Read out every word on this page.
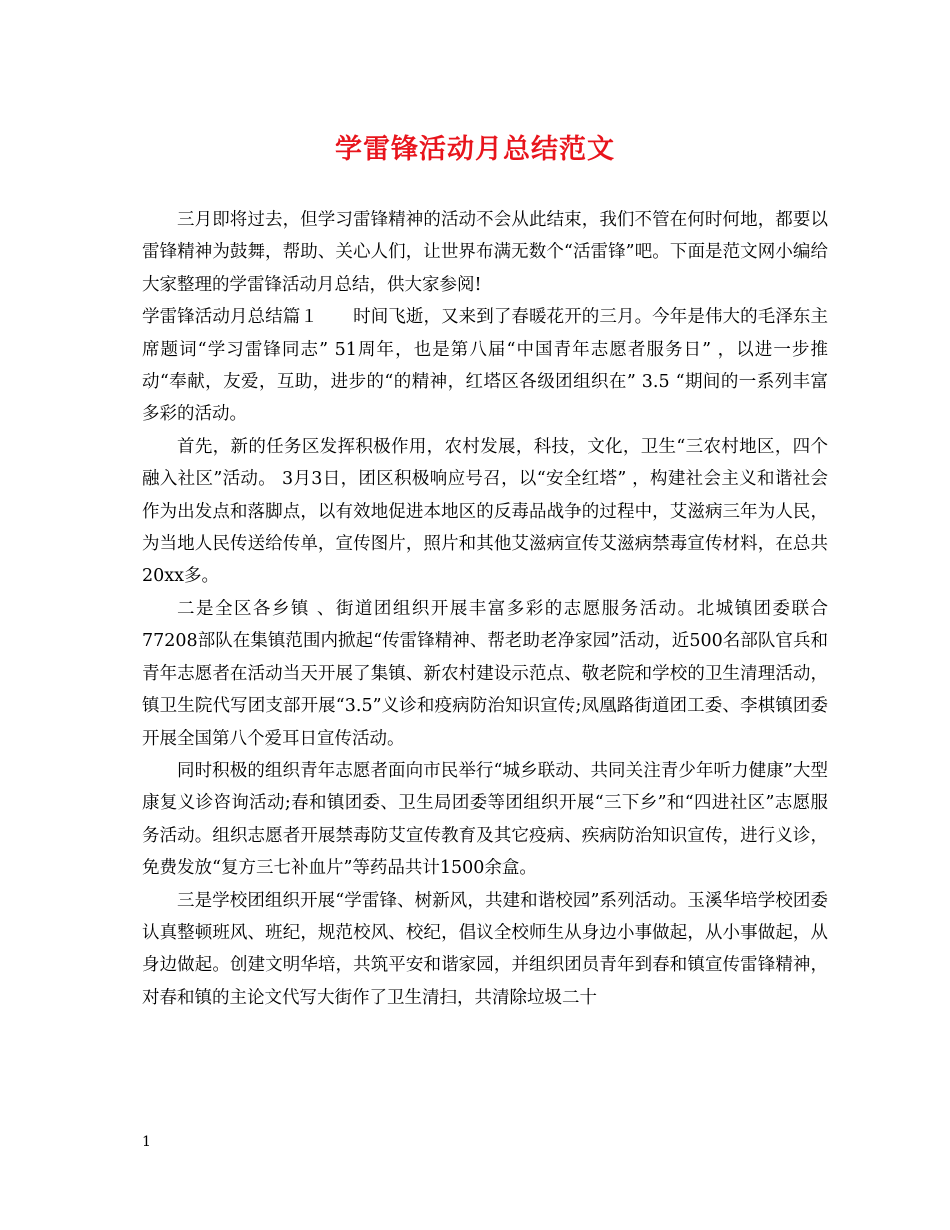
学雷锋活动月总结范文

三月即将过去，但学习雷锋精神的活动不会从此结束，我们不管在何时何地，都要以雷锋精神为鼓舞，帮助、关心人们，让世界布满无数个“活雷锋”吧。下面是范文网小编给大家整理的学雷锋活动月总结，供大家参阅!

学雷锋活动月总结篇１　　时间飞逝，又来到了春暖花开的三月。今年是伟大的毛泽东主席题词“学习雷锋同志” 51周年，也是第八届“中国青年志愿者服务日” ，以进一步推动“奉献，友爱，互助，进步的“的精神，红塔区各级团组织在” 3.5 “期间的一系列丰富多彩的活动。

首先，新的任务区发挥积极作用，农村发展，科技，文化，卫生“三农村地区，四个融入社区”活动。 3月3日，团区积极响应号召，以“安全红塔” ，构建社会主义和谐社会作为出发点和落脚点，以有效地促进本地区的反毒品战争的过程中，艾滋病三年为人民，为当地人民传送给传单，宣传图片，照片和其他艾滋病宣传艾滋病禁毒宣传材料，在总共20xx多。

二是全区各乡镇 、街道团组织开展丰富多彩的志愿服务活动。北城镇团委联合77208部队在集镇范围内掀起“传雷锋精神、帮老助老净家园”活动，近500名部队官兵和青年志愿者在活动当天开展了集镇、新农村建设示范点、敬老院和学校的卫生清理活动，镇卫生院代写团支部开展“3.5”义诊和疫病防治知识宣传;凤凰路街道团工委、李棋镇团委开展全国第八个爱耳日宣传活动。

同时积极的组织青年志愿者面向市民举行“城乡联动、共同关注青少年听力健康”大型康复义诊咨询活动;春和镇团委、卫生局团委等团组织开展“三下乡”和“四进社区”志愿服务活动。组织志愿者开展禁毒防艾宣传教育及其它疫病、疾病防治知识宣传，进行义诊，免费发放“复方三七补血片”等药品共计1500余盒。

三是学校团组织开展“学雷锋、树新风，共建和谐校园”系列活动。玉溪华培学校团委认真整顿班风、班纪，规范校风、校纪，倡议全校师生从身边小事做起，从小事做起，从身边做起。创建文明华培，共筑平安和谐家园，并组织团员青年到春和镇宣传雷锋精神，对春和镇的主论文代写大街作了卫生清扫，共清除垃圾二十

1
